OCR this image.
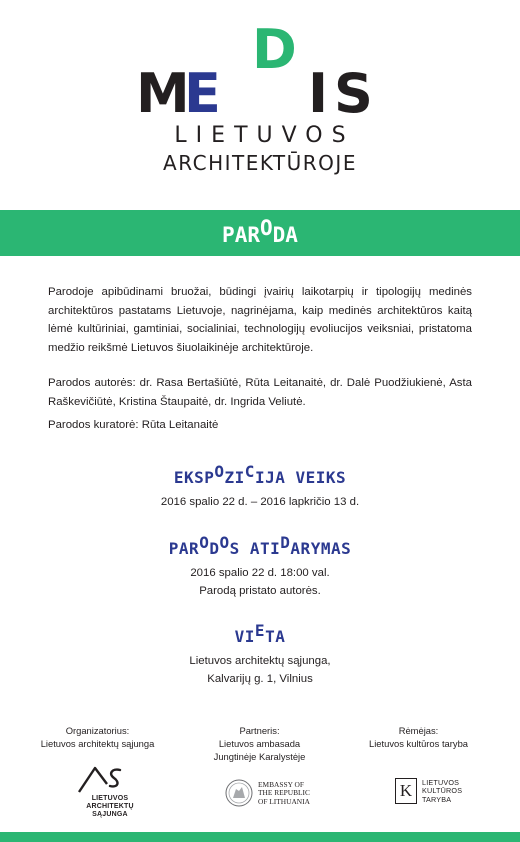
M
E
D
I S
LIETUVOS
ARCHITEKTŪROJE
PARODA
Parodoje apibūdinami bruožai, būdingi įvairių laikotarpių ir tipologijų medinės architektūros pastatams Lietuvoje, nagrinėjama, kaip medinės architektūros kaitą lėmė kultūriniai, gamtiniai, socialiniai, technologijų evoliucijos veiksniai, pristatoma medžio reikšmė Lietuvos šiuolaikinėje architektūroje.
Parodos autorės: dr. Rasa Bertašiūtė, Rūta Leitanaitė, dr. Dalė Puodžiukienė, Asta Raškevičiūtė, Kristina Štaupaitė, dr. Ingrida Veliutė.
Parodos kuratorė: Rūta Leitanaitė
EKSPOZICIJA VEIKS
2016 spalio 22 d. – 2016 lapkričio 13 d.
PARODOS ATIDARYMAS
2016 spalio 22 d. 18:00 val.
Parodą pristato autorės.
VIETA
Lietuvos architektų sąjunga,
Kalvarijų g. 1, Vilnius
Organizatorius:
Lietuvos architektų sąjunga
LIETUVOS
ARCHITEKTŲ
SĄJUNGA
Partneris:
Lietuvos ambasada
Jungtinėje Karalystėje
EMBASSY OF
THE REPUBLIC
OF LITHUANIA
Rėmėjas:
Lietuvos kultūros taryba
K	LIETUVOS
KULTŪROS
TARYBA
